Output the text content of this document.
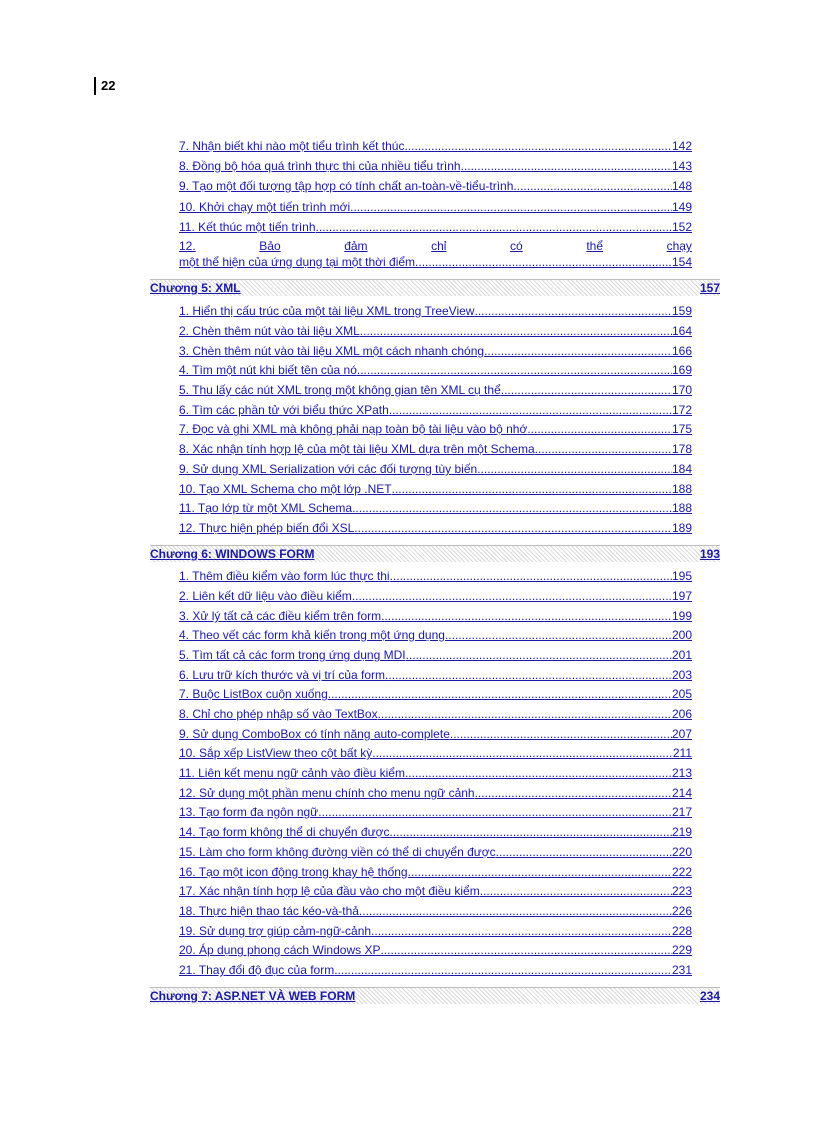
22
7. Nhận biết khi nào một tiểu trình kết thúc .....	142
8. Đồng bộ hóa quá trình thực thi của nhiều tiểu trình .....	143
9. Tạo một đối tượng tập hợp có tính chất an-toàn-về-tiểu-trình .....	148
10. Khởi chạy một tiến trình mới .....	149
11. Kết thúc một tiến trình .....	152
12.	Bảo	đảm	chỉ	có	thể	chạy
một thể hiện của ứng dụng tại một thời điểm .....	154
Chương 5: XML	157
1. Hiển thị cấu trúc của một tài liệu XML trong TreeView .....	159
2. Chèn thêm nút vào tài liệu XML .....	164
3. Chèn thêm nút vào tài liệu XML một cách nhanh chóng .....	166
4. Tìm một nút khi biết tên của nó .....	169
5. Thu lấy các nút XML trong một không gian tên XML cụ thể .....	170
6. Tìm các phần tử với biểu thức XPath .....	172
7. Đọc và ghi XML mà không phải nạp toàn bộ tài liệu vào bộ nhớ .....	175
8. Xác nhận tính hợp lệ của một tài liệu XML dựa trên một Schema .....	178
9. Sử dụng XML Serialization với các đối tượng tùy biến .....	184
10. Tạo XML Schema cho một lớp .NET .....	188
11. Tạo lớp từ một XML Schema .....	188
12. Thực hiện phép biến đổi XSL .....	189
Chương 6: WINDOWS FORM	193
1. Thêm điều kiểm vào form lúc thực thi .....	195
2. Liên kết dữ liệu vào điều kiểm .....	197
3. Xử lý tất cả các điều kiểm trên form .....	199
4. Theo vết các form khả kiến trong một ứng dụng .....	200
5. Tìm tất cả các form trong ứng dụng MDI .....	201
6. Lưu trữ kích thước và vị trí của form .....	203
7. Buộc ListBox cuộn xuống .....	205
8. Chỉ cho phép nhập số vào TextBox .....	206
9. Sử dụng ComboBox có tính năng auto-complete .....	207
10. Sắp xếp ListView theo cột bất kỳ .....	211
11. Liên kết menu ngữ cảnh vào điều kiểm .....	213
12. Sử dụng một phần menu chính cho menu ngữ cảnh .....	214
13. Tạo form đa ngôn ngữ .....	217
14. Tạo form không thể di chuyển được .....	219
15. Làm cho form không đường viền có thể di chuyển được .....	220
16. Tạo một icon động trong khay hệ thống .....	222
17. Xác nhận tính hợp lệ của đầu vào cho một điều kiểm .....	223
18. Thực hiện thao tác kéo-và-thả .....	226
19. Sử dụng trợ giúp cảm-ngữ-cảnh .....	228
20. Áp dụng phong cách Windows XP .....	229
21. Thay đổi độ đục của form .....	231
Chương 7: ASP.NET VÀ WEB FORM	234
